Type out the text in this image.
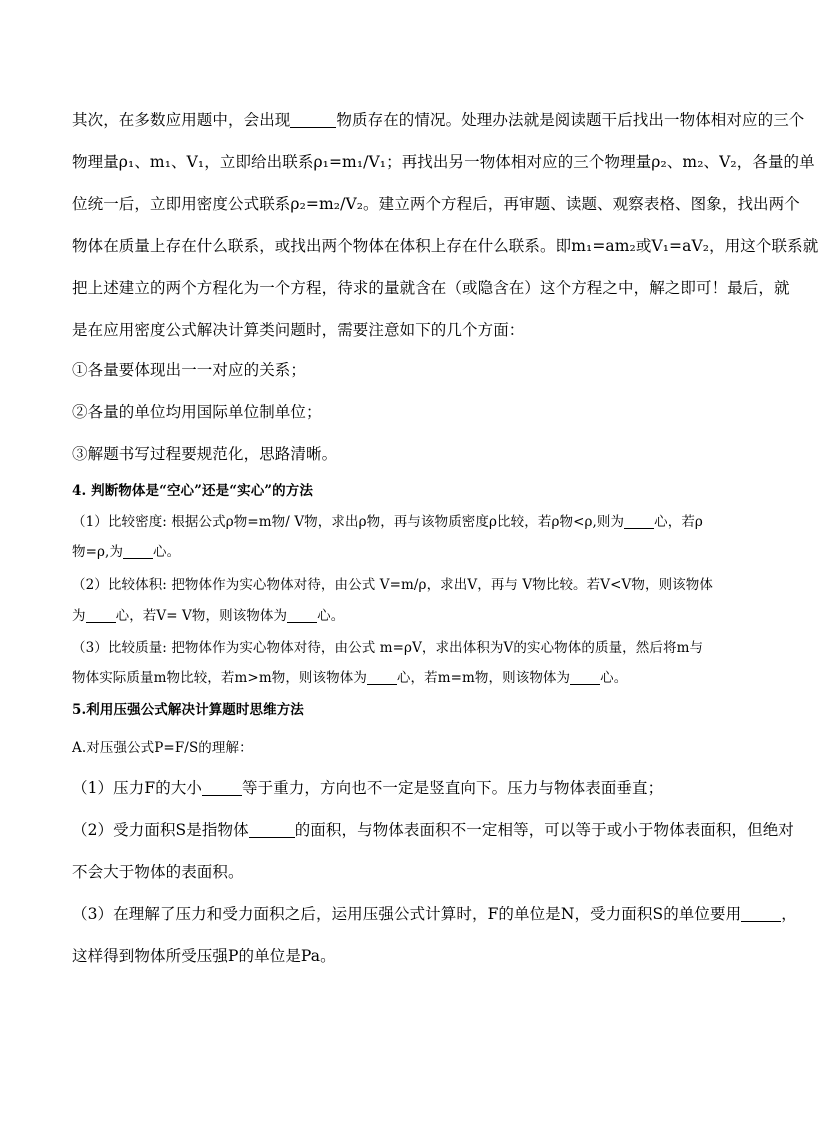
其次，在多数应用题中，会出现	物质存在的情况。处理办法就是阅读题干后找出一物体相对应的三个
物理量ρ₁、m₁、V₁，立即给出联系ρ₁=m₁/V₁；再找出另一物体相对应的三个物理量ρ₂、m₂、V₂，各量的单
位统一后，立即用密度公式联系ρ₂=m₂/V₂。建立两个方程后，再审题、读题、观察表格、图象，找出两个
物体在质量上存在什么联系，或找出两个物体在体积上存在什么联系。即m₁=am₂或V₁=aV₂，用这个联系就
把上述建立的两个方程化为一个方程，待求的量就含在（或隐含在）这个方程之中，解之即可！最后，就
是在应用密度公式解决计算类问题时，需要注意如下的几个方面：
①各量要体现出一一对应的关系；
②各量的单位均用国际单位制单位；
③解题书写过程要规范化，思路清晰。
4. 判断物体是“空心”还是“实心”的方法
（1）比较密度: 根据公式ρ物=m物/ V物，求出ρ物，再与该物质密度ρ比较，若ρ物<ρ,则为 心，若ρ
物=ρ,为 心。
（2）比较体积: 把物体作为实心物体对待，由公式 V=m/ρ，求出V，再与 V物比较。若V<V物，则该物体
为 心，若V= V物，则该物体为 心。
（3）比较质量: 把物体作为实心物体对待，由公式 m=ρV，求出体积为V的实心物体的质量，然后将m与
物体实际质量m物比较，若m>m物，则该物体为 心，若m=m物，则该物体为 心。
5.利用压强公式解决计算题时思维方法
A.对压强公式P=F/S的理解：
（1）压力F的大小	等于重力，方向也不一定是竖直向下。压力与物体表面垂直；
（2）受力面积S是指物体	的面积，与物体表面积不一定相等，可以等于或小于物体表面积，但绝对
不会大于物体的表面积。
（3）在理解了压力和受力面积之后，运用压强公式计算时，F的单位是N，受力面积S的单位要用	，
这样得到物体所受压强P的单位是Pa。
